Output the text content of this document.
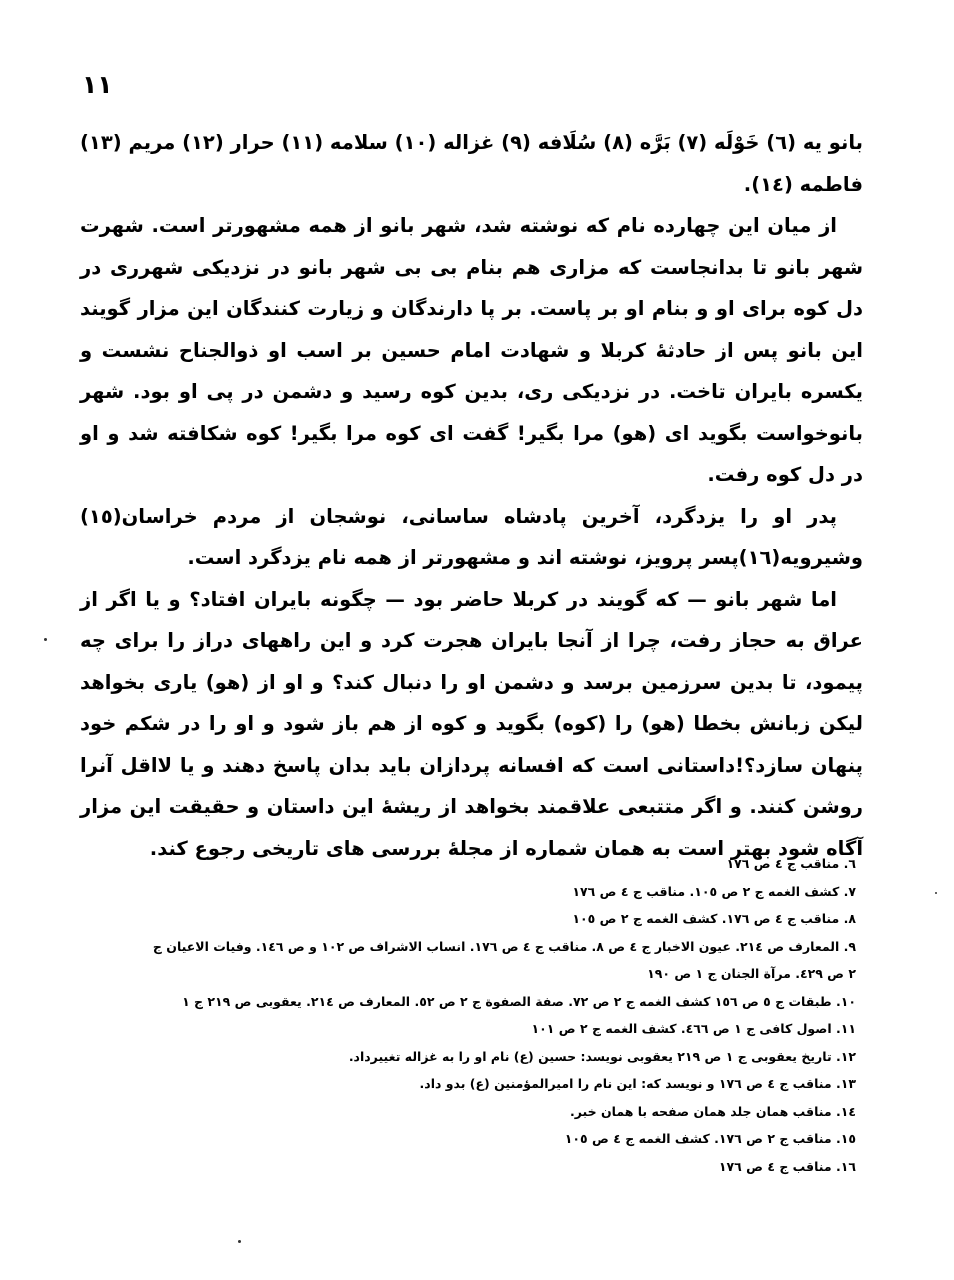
١١

بانو یه (٦) خَوْلَه (٧) بَرَّه (٨) سُلَافه (٩) غزاله (١٠) سلامه (١١) حرار (١٢) مریم (١٣) فاطمه (١٤).

از میان این چهارده نام که نوشته شد، شهر بانو از همه مشهورتر است. شهرت شهر بانو تا بدانجاست که مزاری هم بنام بی بی شهر بانو در نزدیکی شهرری در دل کوه برای او و بنام او بر پاست. بر پا دارندگان و زیارت کنندگان این مزار گویند این بانو پس از حادثهٔ کربلا و شهادت امام حسین بر اسب او ذوالجناح نشست و یکسره بایران تاخت. در نزدیکی ری، بدین کوه رسید و دشمن در پی او بود. شهر بانوخواست بگوید ای (هو) مرا بگیر! گفت ای کوه مرا بگیر! کوه شکافته شد و او در دل کوه رفت.

پدر او را یزدگرد، آخرین پادشاه ساسانی، نوشجان از مردم خراسان(١٥) وشیرویه(١٦)پسر پرویز، نوشته اند و مشهورتر از همه نام یزدگرد است.

اما شهر بانو — که گویند در کربلا حاضر بود — چگونه بایران افتاد؟ و یا اگر از عراق به حجاز رفت، چرا از آنجا بایران هجرت کرد و این راههای دراز را برای چه پیمود، تا بدین سرزمین برسد و دشمن او را دنبال کند؟ و او از (هو) یاری بخواهد لیکن زبانش بخطا (هو) را (کوه) بگوید و کوه از هم باز شود و او را در شکم خود پنهان سازد؟!داستانی است که افسانه پردازان باید بدان پاسخ دهند و یا لااقل آنرا روشن کنند. و اگر متتبعی علاقمند بخواهد از ریشهٔ این داستان و حقیقت این مزار آگاه شود بهتر است به همان شماره از مجلهٔ بررسی های تاریخی رجوع کند.

٦. مناقب ج ٤ ص ١٧٦
٧. کشف الغمه ج ٢ ص ١٠٥. مناقب ج ٤ ص ١٧٦
٨. مناقب ج ٤ ص ١٧٦. کشف الغمه ج ٢ ص ١٠٥
٩. المعارف ص ٢١٤. عیون الاخبار ج ٤ ص ٨. مناقب ج ٤ ص ١٧٦. انساب الاشراف ص ١٠٢ و ص ١٤٦. وفیات الاعیان ج ٢ ص ٤٢٩. مرآة الجنان ج ١ ص ١٩٠
١٠. طبقات ج ٥ ص ١٥٦ کشف الغمه ج ٢ ص ٧٢. صفة الصفوة ج ٢ ص ٥٢. المعارف ص ٢١٤. یعقوبی ص ٢١٩ ج ١
١١. اصول کافی ج ١ ص ٤٦٦. کشف الغمه ج ٢ ص ١٠١
١٢. تاریخ یعقوبی ج ١ ص ٢١٩ یعقوبی نویسد: حسین (ع) نام او را به غزاله تغییرداد.
١٣. مناقب ج ٤ ص ١٧٦ و نویسد که: این نام را امیرالمؤمنین (ع) بدو داد.
١٤. مناقب همان جلد همان صفحه با همان خبر.
١٥. مناقب ج ٢ ص ١٧٦. کشف الغمه ج ٤ ص ١٠٥
١٦. مناقب ج ٤ ص ١٧٦
